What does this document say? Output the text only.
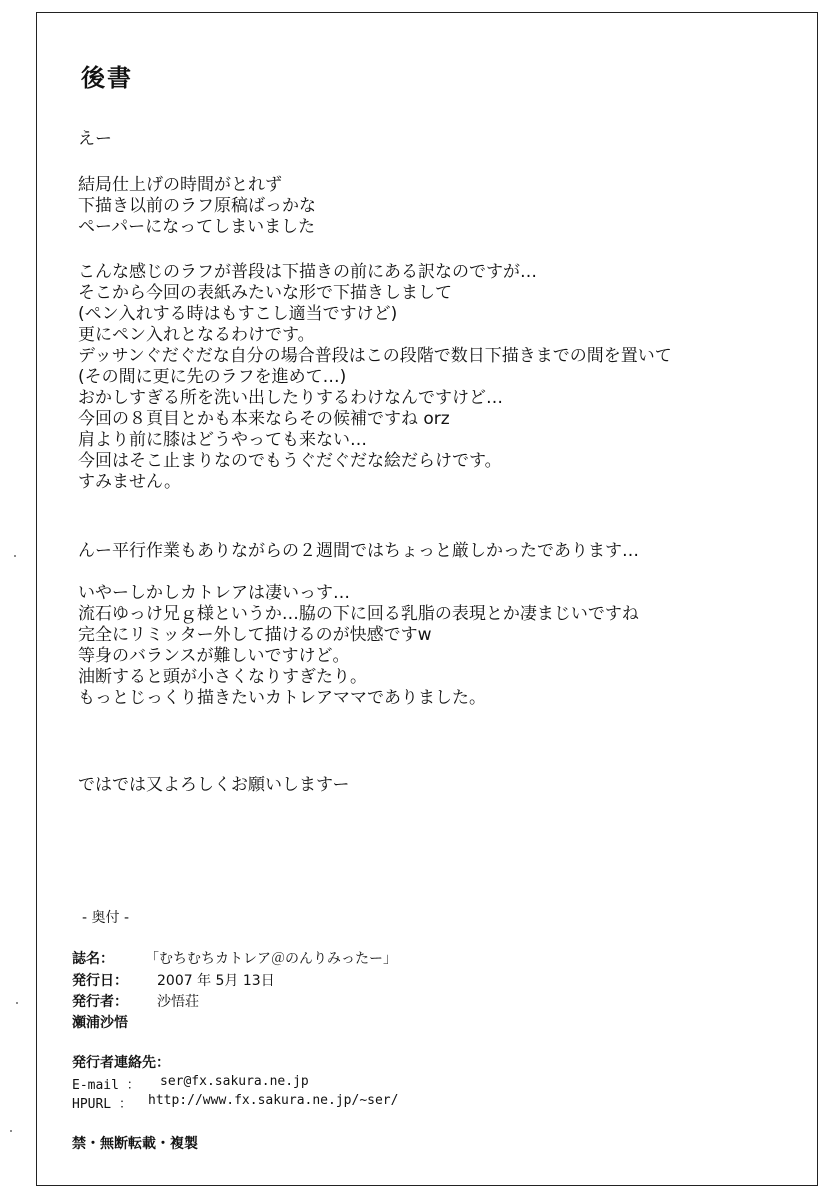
後書
えー
結局仕上げの時間がとれず
下描き以前のラフ原稿ばっかな
ペーパーになってしまいました
こんな感じのラフが普段は下描きの前にある訳なのですが…
そこから今回の表紙みたいな形で下描きしまして
(ペン入れする時はもすこし適当ですけど)
更にペン入れとなるわけです。
デッサンぐだぐだな自分の場合普段はこの段階で数日下描きまでの間を置いて
(その間に更に先のラフを進めて…)
おかしすぎる所を洗い出したりするわけなんですけど…
今回の８頁目とかも本来ならその候補ですね orz
肩より前に膝はどうやっても来ない…
今回はそこ止まりなのでもうぐだぐだな絵だらけです。
すみません。
んー平行作業もありながらの２週間ではちょっと厳しかったであります…
いやーしかしカトレアは凄いっす…
流石ゆっけ兄ｇ様というか…脇の下に回る乳脂の表現とか凄まじいですね
完全にリミッター外して描けるのが快感ですw
等身のバランスが難しいですけど。
油断すると頭が小さくなりすぎたり。
もっとじっくり描きたいカトレアママでありました。
ではでは又よろしくお願いしますー
- 奥付 -
誌名： 「むちむちカトレア＠のんりみったー」
発行日： 2007 年 5月 13日
発行者： 沙悟荘
瀬浦沙悟
発行者連絡先：
E-mail ： ser@fx.sakura.ne.jp
HPURL ： http://www.fx.sakura.ne.jp/~ser/
禁・無断転載・複製
